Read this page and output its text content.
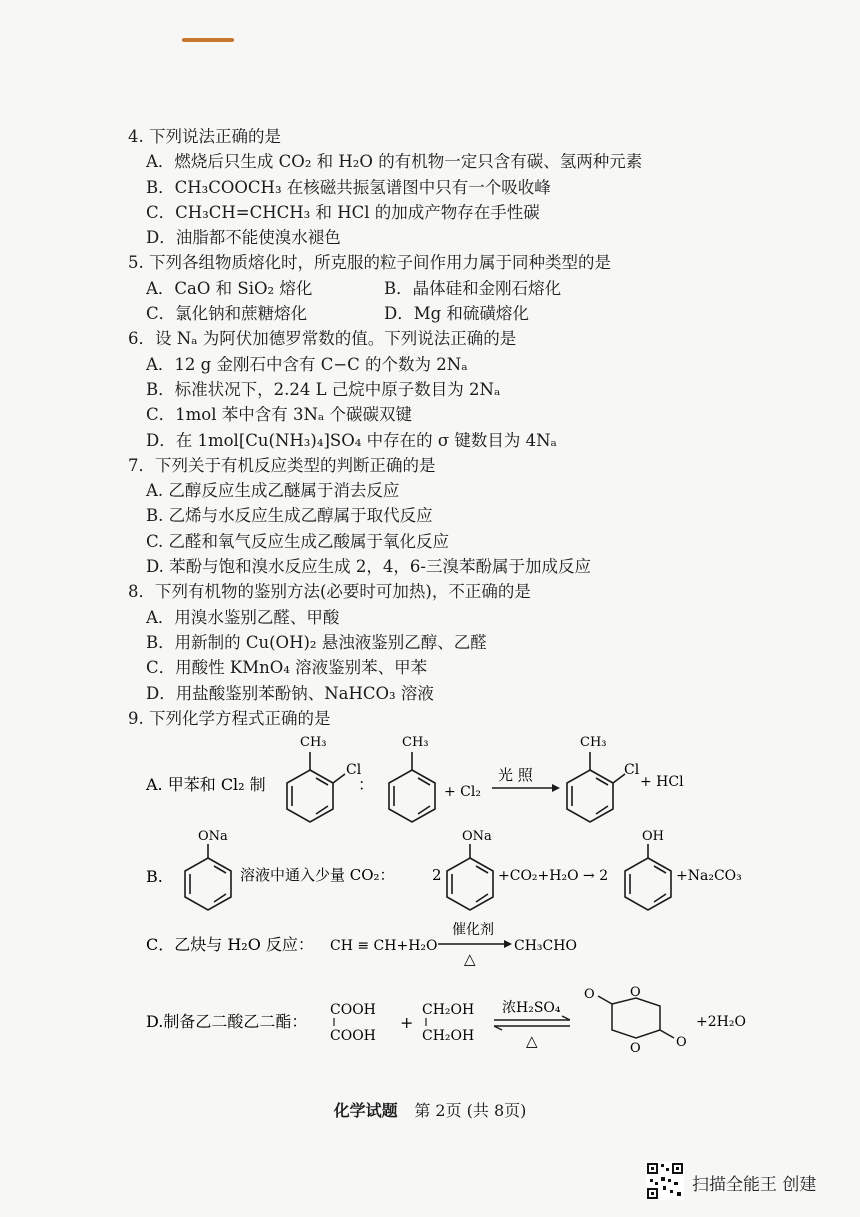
4. 下列说法正确的是
A．燃烧后只生成 CO₂ 和 H₂O 的有机物一定只含有碳、氢两种元素
B．CH₃COOCH₃ 在核磁共振氢谱图中只有一个吸收峰
C．CH₃CH=CHCH₃ 和 HCl 的加成产物存在手性碳
D．油脂都不能使溴水褪色
5. 下列各组物质熔化时，所克服的粒子间作用力属于同种类型的是
A．CaO 和 SiO₂ 熔化	B．晶体硅和金刚石熔化
C．氯化钠和蔗糖熔化	D．Mg 和硫磺熔化
6．设 Nₐ 为阿伏加德罗常数的值。下列说法正确的是
A．12 g 金刚石中含有 C−C 的个数为 2Nₐ
B．标准状况下，2.24 L 己烷中原子数目为 2Nₐ
C．1mol 苯中含有 3Nₐ 个碳碳双键
D．在 1mol[Cu(NH₃)₄]SO₄ 中存在的 σ 键数目为 4Nₐ
7．下列关于有机反应类型的判断正确的是
A. 乙醇反应生成乙醚属于消去反应
B. 乙烯与水反应生成乙醇属于取代反应
C. 乙醛和氧气反应生成乙酸属于氧化反应
D. 苯酚与饱和溴水反应生成 2，4，6-三溴苯酚属于加成反应
8．下列有机物的鉴别方法(必要时可加热)，不正确的是
A．用溴水鉴别乙醛、甲酸
B．用新制的 Cu(OH)₂ 悬浊液鉴别乙醇、乙醛
C．用酸性 KMnO₄ 溶液鉴别苯、甲苯
D．用盐酸鉴别苯酚钠、NaHCO₃ 溶液
9. 下列化学方程式正确的是
A. 甲苯和 Cl₂ 制
CH₃
Cl
：
CH₃
+ Cl₂
光 照
CH₃
Cl
+ HCl
B.
ONa
溶液中通入少量 CO₂： 2
ONa
+CO₂+H₂O → 2
OH
+Na₂CO₃
C．乙炔与 H₂O 反应： CH ≡ CH+H₂O
催化剂
△
CH₃CHO
D.制备乙二酸乙二酯：
COOH
COOH
+
CH₂OH
CH₂OH
浓H₂SO₄
△
O	O
O	O
+2H₂O
化学试题 第 2页 (共 8页)
扫描全能王 创建
